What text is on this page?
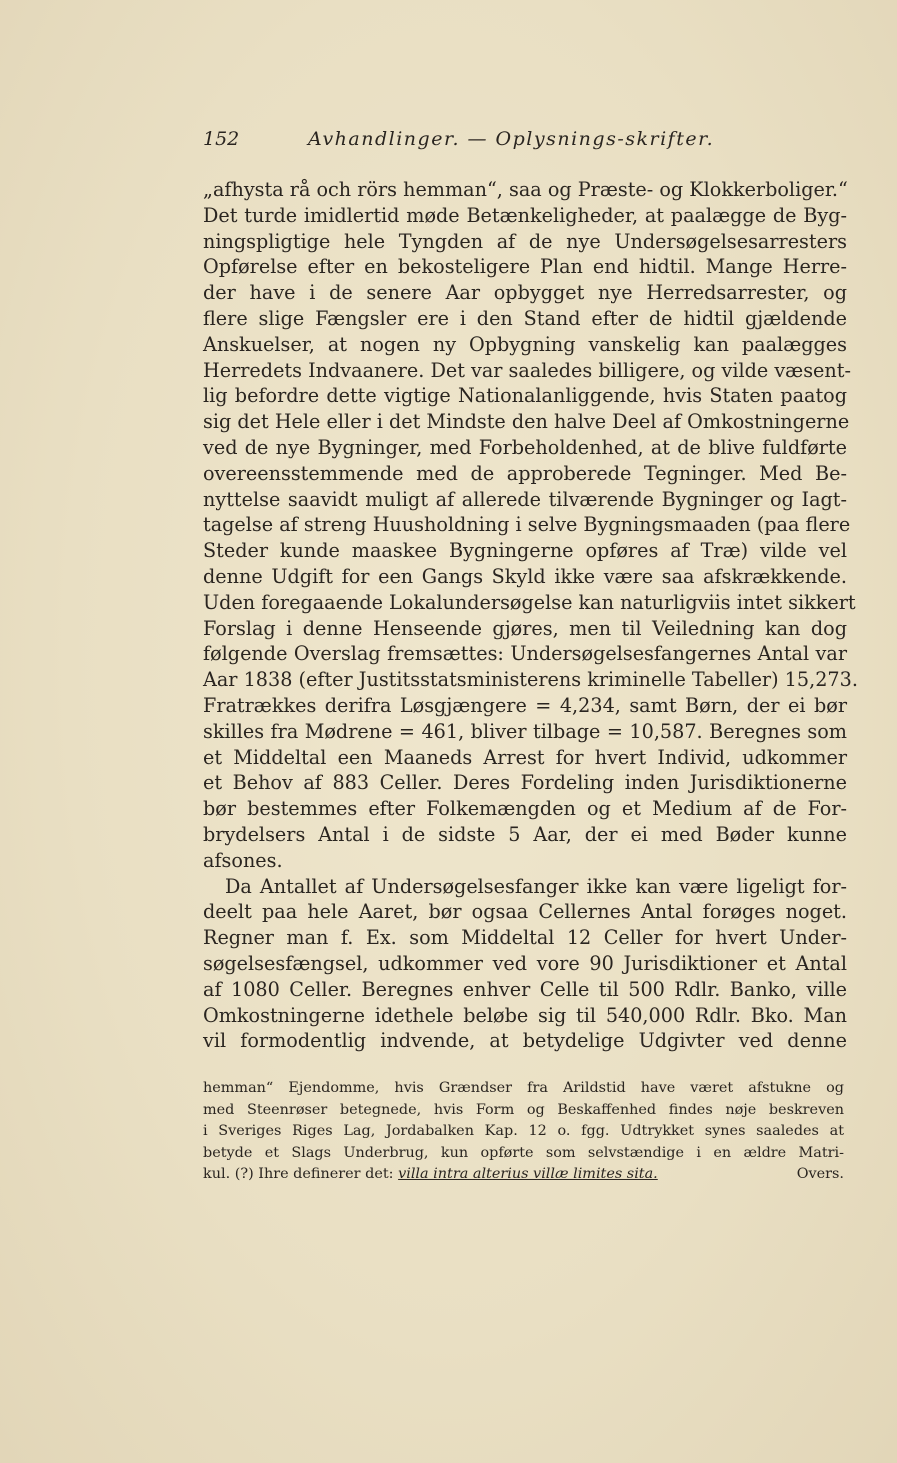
152	Avhandlinger. — Oplysnings-skrifter.
„afhysta rå och rörs hemman“, saa og Præste- og Klokkerboliger.“
Det turde imidlertid møde Betænkeligheder, at paalægge de Byg-
ningspligtige hele Tyngden af de nye Undersøgelsesarresters
Opførelse efter en bekosteligere Plan end hidtil. Mange Herre-
der have i de senere Aar opbygget nye Herredsarrester, og
flere slige Fængsler ere i den Stand efter de hidtil gjældende
Anskuelser, at nogen ny Opbygning vanskelig kan paalægges
Herredets Indvaanere. Det var saaledes billigere, og vilde væsent-
lig befordre dette vigtige Nationalanliggende, hvis Staten paatog
sig det Hele eller i det Mindste den halve Deel af Omkostningerne
ved de nye Bygninger, med Forbeholdenhed, at de blive fuldførte
overeensstemmende med de approberede Tegninger. Med Be-
nyttelse saavidt muligt af allerede tilværende Bygninger og Iagt-
tagelse af streng Huusholdning i selve Bygningsmaaden (paa flere
Steder kunde maaskee Bygningerne opføres af Træ) vilde vel
denne Udgift for een Gangs Skyld ikke være saa afskrækkende.
Uden foregaaende Lokalundersøgelse kan naturligviis intet sikkert
Forslag i denne Henseende gjøres, men til Veiledning kan dog
følgende Overslag fremsættes: Undersøgelsesfangernes Antal var
Aar 1838 (efter Justitsstatsministerens kriminelle Tabeller) 15,273.
Fratrækkes derifra Løsgjængere = 4,234, samt Børn, der ei bør
skilles fra Mødrene = 461, bliver tilbage = 10,587. Beregnes som
et Middeltal een Maaneds Arrest for hvert Individ, udkommer
et Behov af 883 Celler. Deres Fordeling inden Jurisdiktionerne
bør bestemmes efter Folkemængden og et Medium af de For-
brydelsers Antal i de sidste 5 Aar, der ei med Bøder kunne
afsones.
Da Antallet af Undersøgelsesfanger ikke kan være ligeligt for-
deelt paa hele Aaret, bør ogsaa Cellernes Antal forøges noget.
Regner man f. Ex. som Middeltal 12 Celler for hvert Under-
søgelsesfængsel, udkommer ved vore 90 Jurisdiktioner et Antal
af 1080 Celler. Beregnes enhver Celle til 500 Rdlr. Banko, ville
Omkostningerne idethele beløbe sig til 540,000 Rdlr. Bko. Man
vil formodentlig indvende, at betydelige Udgivter ved denne
hemman“ Ejendomme, hvis Grændser fra Arildstid have været afstukne og
med Steenrøser betegnede, hvis Form og Beskaffenhed findes nøje beskreven
i Sveriges Riges Lag, Jordabalken Kap. 12 o. fgg. Udtrykket synes saaledes at
betyde et Slags Underbrug, kun opførte som selvstændige i en ældre Matri-
kul. (?) Ihre definerer det: villa intra alterius villæ limites sita.	Overs.
